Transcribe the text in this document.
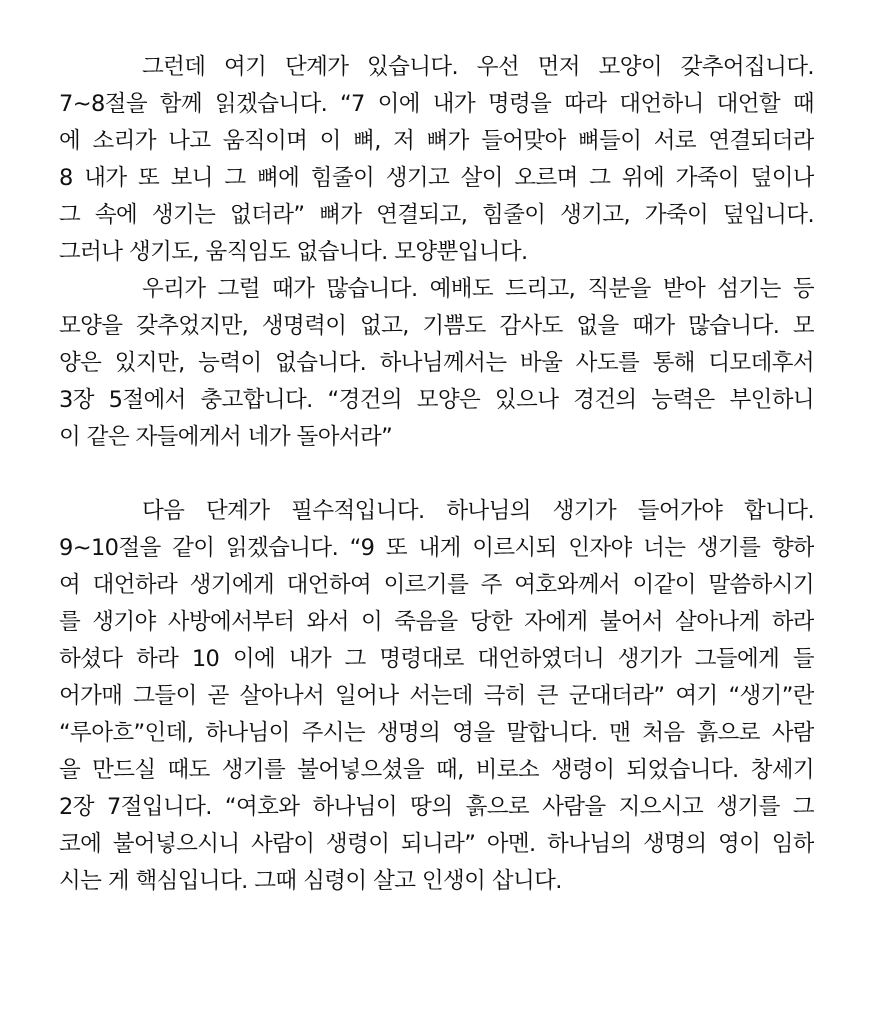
그런데 여기 단계가 있습니다. 우선 먼저 모양이 갖추어집니다.
7~8절을 함께 읽겠습니다. “7 이에 내가 명령을 따라 대언하니 대언할 때
에 소리가 나고 움직이며 이 뼈, 저 뼈가 들어맞아 뼈들이 서로 연결되더라
8 내가 또 보니 그 뼈에 힘줄이 생기고 살이 오르며 그 위에 가죽이 덮이나
그 속에 생기는 없더라” 뼈가 연결되고, 힘줄이 생기고, 가죽이 덮입니다.
그러나 생기도, 움직임도 없습니다. 모양뿐입니다.
우리가 그럴 때가 많습니다. 예배도 드리고, 직분을 받아 섬기는 등
모양을 갖추었지만, 생명력이 없고, 기쁨도 감사도 없을 때가 많습니다. 모
양은 있지만, 능력이 없습니다. 하나님께서는 바울 사도를 통해 디모데후서
3장 5절에서 충고합니다. “경건의 모양은 있으나 경건의 능력은 부인하니
이 같은 자들에게서 네가 돌아서라”
다음 단계가 필수적입니다. 하나님의 생기가 들어가야 합니다.
9~10절을 같이 읽겠습니다. “9 또 내게 이르시되 인자야 너는 생기를 향하
여 대언하라 생기에게 대언하여 이르기를 주 여호와께서 이같이 말씀하시기
를 생기야 사방에서부터 와서 이 죽음을 당한 자에게 불어서 살아나게 하라
하셨다 하라 10 이에 내가 그 명령대로 대언하였더니 생기가 그들에게 들
어가매 그들이 곧 살아나서 일어나 서는데 극히 큰 군대더라” 여기 “생기”란
“루아흐”인데, 하나님이 주시는 생명의 영을 말합니다. 맨 처음 흙으로 사람
을 만드실 때도 생기를 불어넣으셨을 때, 비로소 생령이 되었습니다. 창세기
2장 7절입니다. “여호와 하나님이 땅의 흙으로 사람을 지으시고 생기를 그
코에 불어넣으시니 사람이 생령이 되니라” 아멘. 하나님의 생명의 영이 임하
시는 게 핵심입니다. 그때 심령이 살고 인생이 삽니다.
